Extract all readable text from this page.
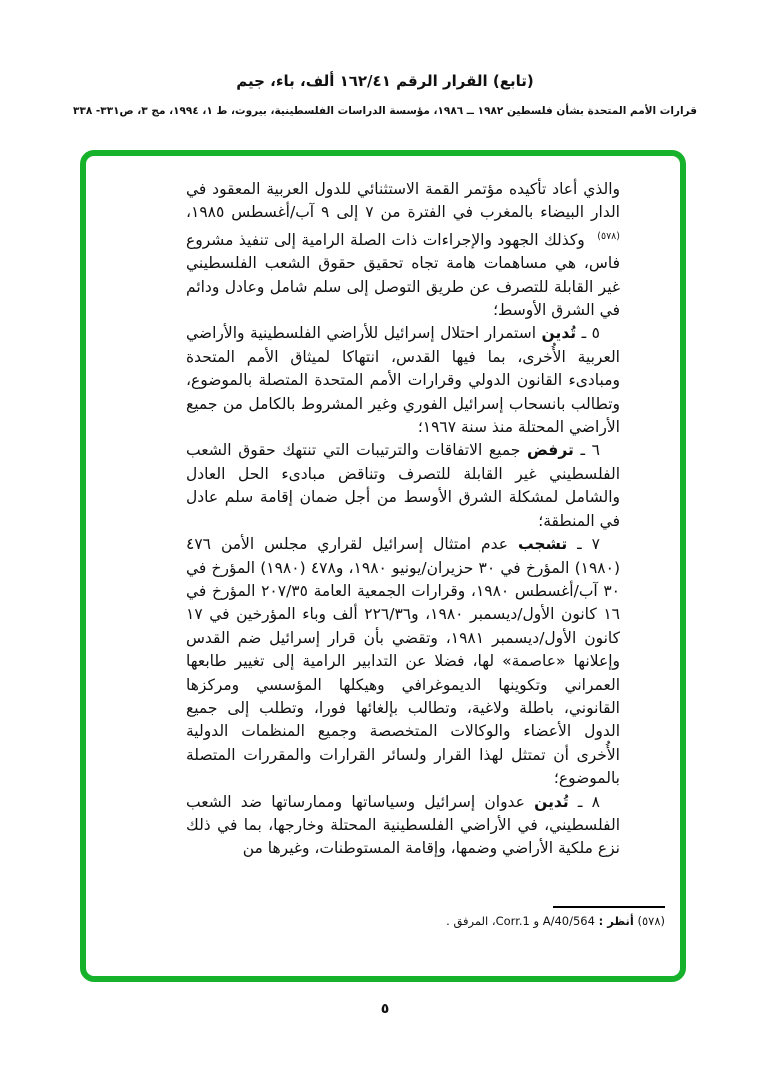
(تابع) القرار الرقم ١٦٢/٤١ ألف، باء، جيم
قرارات الأمم المتحدة بشأن فلسطين ١٩٨٢ ــ ١٩٨٦، مؤسسة الدراسات الفلسطينية، بيروت، ط ١، ١٩٩٤، مج ٣، ص٣٣١- ٣٣٨

والذي أعاد تأكيده مؤتمر القمة الاستثنائي للدول العربية المعقود في الدار البيضاء بالمغرب في الفترة من ٧ إلى ٩ آب/أغسطس ١٩٨٥،$^{(٥٧٨)}$ وكذلك الجهود والإجراءات ذات الصلة الرامية إلى تنفيذ مشروع فاس، هي مساهمات هامة تجاه تحقيق حقوق الشعب الفلسطيني غير القابلة للتصرف عن طريق التوصل إلى سلم شامل وعادل ودائم في الشرق الأوسط؛

٥ ـ تُدين استمرار احتلال إسرائيل للأراضي الفلسطينية والأراضي العربية الأُخرى، بما فيها القدس، انتهاكا لميثاق الأمم المتحدة ومبادىء القانون الدولي وقرارات الأمم المتحدة المتصلة بالموضوع، وتطالب بانسحاب إسرائيل الفوري وغير المشروط بالكامل من جميع الأراضي المحتلة منذ سنة ١٩٦٧؛

٦ ـ ترفض جميع الاتفاقات والترتيبات التي تنتهك حقوق الشعب الفلسطيني غير القابلة للتصرف وتناقض مبادىء الحل العادل والشامل لمشكلة الشرق الأوسط من أجل ضمان إقامة سلم عادل في المنطقة؛

٧ ـ تشجب عدم امتثال إسرائيل لقراري مجلس الأمن ٤٧٦ (١٩٨٠) المؤرخ في ٣٠ حزيران/يونيو ١٩٨٠، و٤٧٨ (١٩٨٠) المؤرخ في ٣٠ آب/أغسطس ١٩٨٠، وقرارات الجمعية العامة ٢٠٧/٣٥ المؤرخ في ١٦ كانون الأول/ديسمبر ١٩٨٠، و٢٢٦/٣٦ ألف وباء المؤرخين في ١٧ كانون الأول/ديسمبر ١٩٨١، وتقضي بأن قرار إسرائيل ضم القدس وإعلانها «عاصمة» لها، فضلا عن التدابير الرامية إلى تغيير طابعها العمراني وتكوينها الديموغرافي وهيكلها المؤسسي ومركزها القانوني، باطلة ولاغية، وتطالب بإلغائها فورا، وتطلب إلى جميع الدول الأعضاء والوكالات المتخصصة وجميع المنظمات الدولية الأُخرى أن تمتثل لهذا القرار ولسائر القرارات والمقررات المتصلة بالموضوع؛

٨ ـ تُدين عدوان إسرائيل وسياساتها وممارساتها ضد الشعب الفلسطيني، في الأراضي الفلسطينية المحتلة وخارجها، بما في ذلك نزع ملكية الأراضي وضمها، وإقامة المستوطنات، وغيرها من

(٥٧٨) أنظر : A/40/564 و Corr.1، المرفق .
٥
